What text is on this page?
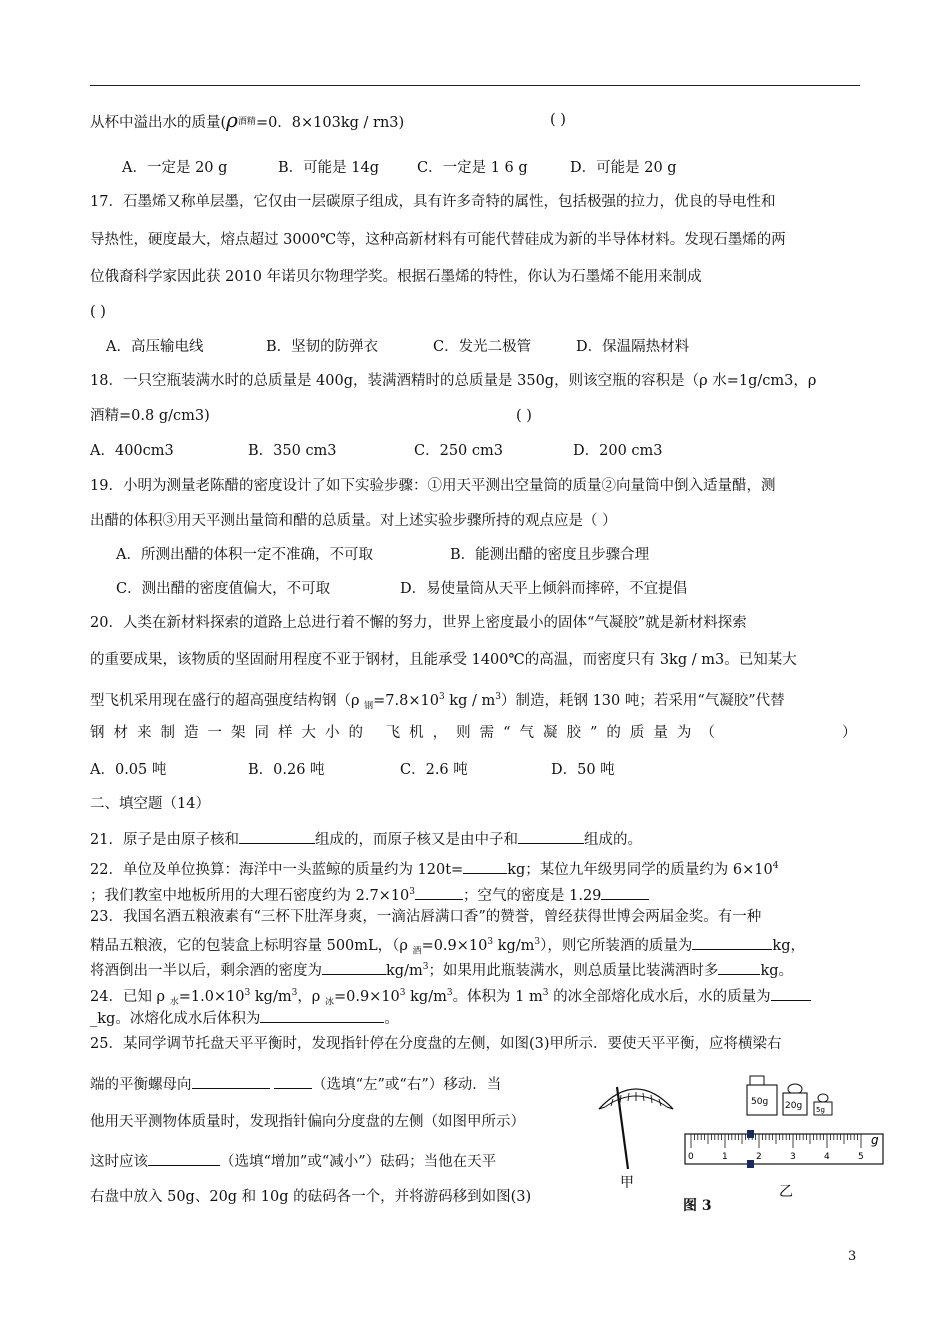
从杯中溢出水的质量($\rho^{酒精}=0$．8×103kg / rn3)	( )
A．一定是 20 g	B．可能是 14g	C．一定是 1 6 g	D．可能是 20 g
17．石墨烯又称单层墨，它仅由一层碳原子组成，具有许多奇特的属性，包括极强的拉力，优良的导电性和
导热性，硬度最大，熔点超过 3000℃等，这种高新材料有可能代替硅成为新的半导体材料。发现石墨烯的两
位俄裔科学家因此获 2010 年诺贝尔物理学奖。根据石墨烯的特性，你认为石墨烯不能用来制成
( )
A．高压输电线	B．坚韧的防弹衣	C．发光二极管	D．保温隔热材料
18．一只空瓶装满水时的总质量是 400g，装满酒精时的总质量是 350g，则该空瓶的容积是（ρ 水=1g/cm3，ρ
酒精=0.8 g/cm3)	( )
A．400cm3	B．350 cm3	C．250 cm3	D．200 cm3
19．小明为测量老陈醋的密度设计了如下实验步骤：①用天平测出空量筒的质量②向量筒中倒入适量醋，测
出醋的体积③用天平测出量筒和醋的总质量。对上述实验步骤所持的观点应是（ ）
A．所测出醋的体积一定不准确，不可取	B．能测出醋的密度且步骤合理
C．测出醋的密度值偏大，不可取	D．易使量筒从天平上倾斜而摔碎，不宜提倡
20．人类在新材料探索的道路上总进行着不懈的努力，世界上密度最小的固体“气凝胶”就是新材料探索
的重要成果，该物质的坚固耐用程度不亚于钢材，且能承受 1400℃的高温，而密度只有 3kg / m3。已知某大
型飞机采用现在盛行的超高强度结构钢（ρ $_钢=7.8\times 10^3$ kg / $m^3$）制造，耗钢 130 吨；若采用“气凝胶”代替
钢材来制造一架同样大小的 飞机，则需“气凝胶”的质量为（	）
A．0.05 吨	B．0.26 吨	C．2.6 吨	D．50 吨
二、填空题（14）
21．原子是由原子核和	组成的，而原子核又是由中子和	组成的。
22．单位及单位换算：海洋中一头蓝鲸的质量约为 120t=	kg；某位九年级男同学的质量约为 $6\times 10^4$
；我们教室中地板所用的大理石密度约为 $2.7\times 10^3$	；空气的密度是 1.29
23．我国名酒五粮液素有“三杯下肚浑身爽，一滴沾唇满口香”的赞誉，曾经获得世博会两届金奖。有一种
精品五粮液，它的包装盒上标明容量 500mL，（ρ $_酒=0.9\times 10^3$ $kg/m^3$），则它所装酒的质量为	kg，
将酒倒出一半以后，剩余酒的密度为	$kg/m^3$；如果用此瓶装满水，则总质量比装满酒时多	kg。
24．已知 ρ $_水=1.0\times 10^3$ $kg/m^3$，ρ $_冰=0.9\times 10^3$ $kg/m^3$。体积为 1 $m^3$ 的冰全部熔化成水后，水的质量为
_kg。冰熔化成水后体积为	。
25．某同学调节托盘天平平衡时，发现指针停在分度盘的左侧，如图(3)甲所示．要使天平平衡，应将横梁右
端的平衡螺母向	（选填“左”或“右”）移动．当
他用天平测物体质量时，发现指针偏向分度盘的左侧（如图甲所示）
这时应该	（选填“增加”或“减小”）砝码；当他在天平
右盘中放入 50g、20g 和 10g 的砝码各一个，并将游码移到如图(3)
甲
50g 20g 5g
0	1	2	3	4	5
g
乙
图 3
3
